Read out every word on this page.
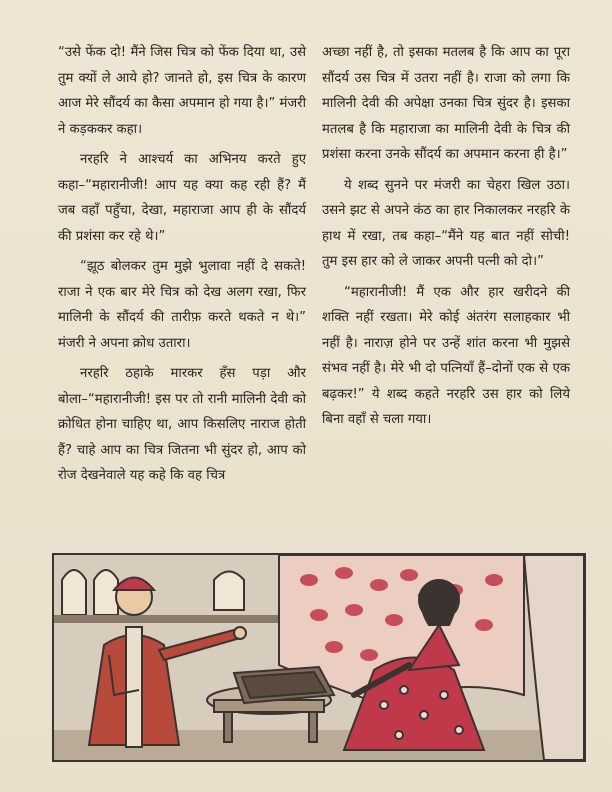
“उसे फेंक दो! मैंने जिस चित्र को फेंक दिया था, उसे तुम क्यों ले आये हो? जानते हो, इस चित्र के कारण आज मेरे सौंदर्य का कैसा अपमान हो गया है।” मंजरी ने कड़ककर कहा।

नरहरि ने आश्चर्य का अभिनय करते हुए कहा–“महारानीजी! आप यह क्या कह रही हैं? मैं जब वहाँ पहुँचा, देखा, महाराजा आप ही के सौंदर्य की प्रशंसा कर रहे थे।”

“झूठ बोलकर तुम मुझे भुलावा नहीं दे सकते! राजा ने एक बार मेरे चित्र को देख अलग रखा, फिर मालिनी के सौंदर्य की तारीफ़ करते थकते न थे।” मंजरी ने अपना क्रोध उतारा।

नरहरि ठहाके मारकर हँस पड़ा और बोला–“महारानीजी! इस पर तो रानी मालिनी देवी को क्रोधित होना चाहिए था, आप किसलिए नाराज होती हैं? चाहे आप का चित्र जितना भी सुंदर हो, आप को रोज देखनेवाले यह कहे कि वह चित्र

अच्छा नहीं है, तो इसका मतलब है कि आप का पूरा सौंदर्य उस चित्र में उतरा नहीं है। राजा को लगा कि मालिनी देवी की अपेक्षा उनका चित्र सुंदर है। इसका मतलब है कि महाराजा का मालिनी देवी के चित्र की प्रशंसा करना उनके सौंदर्य का अपमान करना ही है।”

ये शब्द सुनने पर मंजरी का चेहरा खिल उठा। उसने झट से अपने कंठ का हार निकालकर नरहरि के हाथ में रखा, तब कहा–“मैंने यह बात नहीं सोची! तुम इस हार को ले जाकर अपनी पत्नी को दो।”

“महारानीजी! मैं एक और हार खरीदने की शक्ति नहीं रखता। मेरे कोई अंतरंग सलाहकार भी नहीं है। नाराज़ होने पर उन्हें शांत करना भी मुझसे संभव नहीं है। मेरे भी दो पत्नियाँ हैं–दोनों एक से एक बढ़कर!” ये शब्द कहते नरहरि उस हार को लिये बिना वहाँ से चला गया।
